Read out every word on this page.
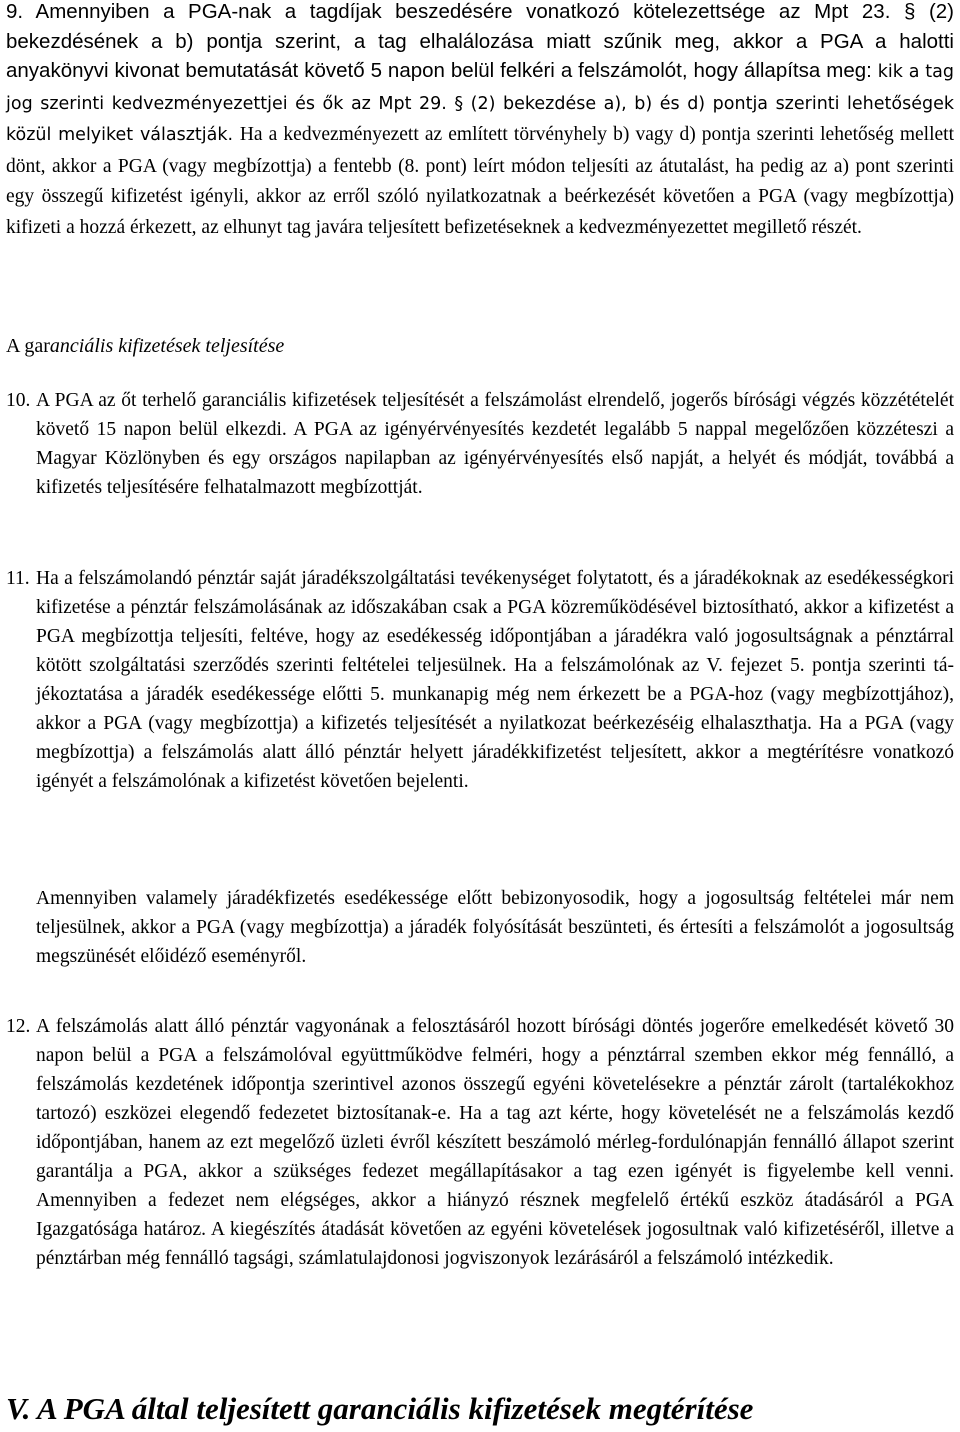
9. Amennyiben a PGA-nak a tagdíjak beszedésére vonatkozó kötelezettsége az Mpt 23. § (2) bekezdésének a b) pontja szerint, a tag elhalálozása miatt szűnik meg, akkor a PGA a halotti anyakönyvi kivonat bemutatását követő 5 napon belül felkéri a felszámolót, hogy állapítsa meg: kik a tag jog szerinti kedvezményezettjei és ők az Mpt 29. § (2) bekezdése a), b) és d) pontja szerinti lehetőségek közül melyiket választják. Ha a kedvezményezett az említett törvényhely b) vagy d) pontja szerinti lehetőség mellett dönt, akkor a PGA (vagy megbízottja) a fentebb (8. pont) leírt módon teljesíti az átutalást, ha pedig az a) pont szerinti egy összegű kifizetést igényli, akkor az erről szóló nyilatkozatnak a beérkezését követően a PGA (vagy megbízottja) kifizeti a hozzá érkezett, az elhunyt tag javára teljesített befizetéseknek a kedvezményezettet megillető részét.

A garanciális kifizetések teljesítése

10. A PGA az őt terhelő garanciális kifizetések teljesítését a felszámolást elrendelő, jogerős bírósági végzés közzétételét követő 15 napon belül elkezdi. A PGA az igényérvényesítés kezdetét legalább 5 nappal megelőzően közzéteszi a Magyar Közlönyben és egy országos napilapban az igényérvényesítés első napját, a helyét és módját, továbbá a kifizetés teljesítésére felhatalmazott megbízottját.

11. Ha a felszámolandó pénztár saját járadékszolgáltatási tevékenységet folytatott, és a járadékoknak az esedékességkori kifizetése a pénztár felszámolásának az időszakában csak a PGA közreműködésével biztosítható, akkor a kifizetést a PGA megbízottja teljesíti, feltéve, hogy az esedékesség időpontjában a járadékra való jogosultságnak a pénztárral kötött szolgáltatási szerződés szerinti feltételei teljesülnek. Ha a felszámolónak az V. fejezet 5. pontja szerinti tájékoztatása a járadék esedékessége előtti 5. munkanapig még nem érkezett be a PGA-hoz (vagy megbízottjához), akkor a PGA (vagy megbízottja) a kifizetés teljesítését a nyilatkozat beérkezéséig elhalaszthatja. Ha a PGA (vagy megbízottja) a felszámolás alatt álló pénztár helyett járadékkifizetést teljesített, akkor a megtérítésre vonatkozó igényét a felszámolónak a kifizetést követően bejelenti.

Amennyiben valamely járadékfizetés esedékessége előtt bebizonyosodik, hogy a jogosultság feltételei már nem teljesülnek, akkor a PGA (vagy megbízottja) a járadék folyósítását beszünteti, és értesíti a felszámolót a jogosultság megszünését előidéző eseményről.

12. A felszámolás alatt álló pénztár vagyonának a felosztásáról hozott bírósági döntés jogerőre emelkedését követő 30 napon belül a PGA a felszámolóval együttműködve felméri, hogy a pénztárral szemben ekkor még fennálló, a felszámolás kezdetének időpontja szerintivel azonos összegű egyéni követelésekre a pénztár zárolt (tartalékokhoz tartozó) eszközei elegendő fedezetet biztosítanak-e. Ha a tag azt kérte, hogy követelését ne a felszámolás kezdő időpontjában, hanem az ezt megelőző üzleti évről készített beszámoló mérleg-fordulónapján fennálló állapot szerint garantálja a PGA, akkor a szükséges fedezet megállapításakor a tag ezen igényét is figyelembe kell venni. Amennyiben a fedezet nem elégséges, akkor a hiányzó résznek megfelelő értékű eszköz átadásáról a PGA Igazgatósága határoz. A kiegészítés átadását követően az egyéni követelések jogosultnak való kifizetéséről, illetve a pénztárban még fennálló tagsági, számlatulajdonosi jogviszonyok lezárásáról a felszámoló intézkedik.

V. A PGA által teljesített garanciális kifizetések megtérítése
